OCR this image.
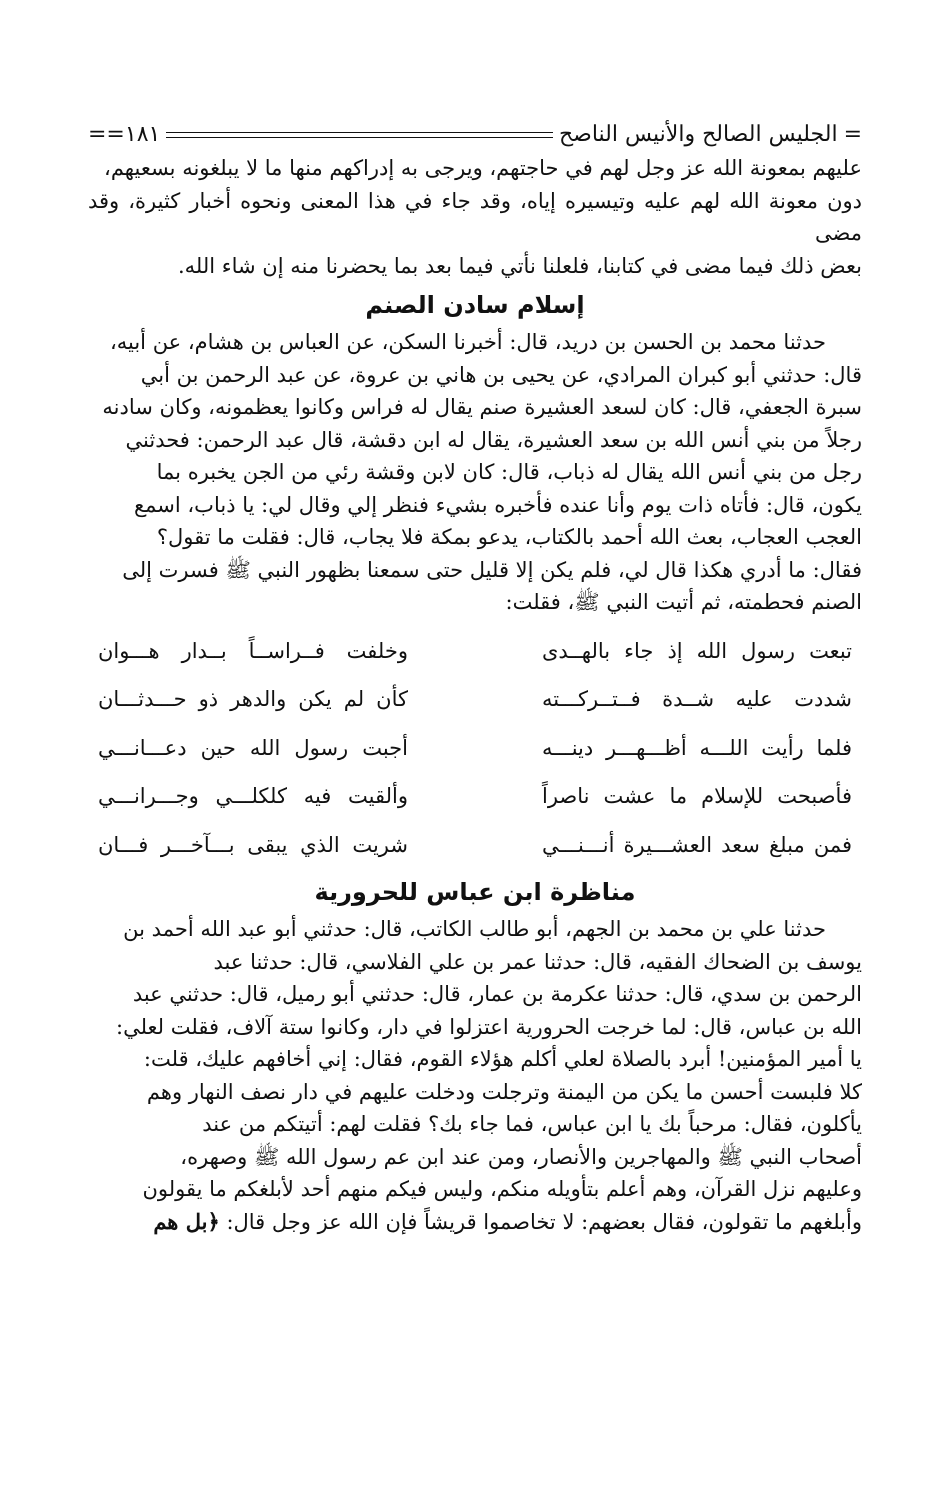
=
الجليس الصالح والأنيس الناصح
١٨١
==

عليهم بمعونة الله عز وجل لهم في حاجتهم، ويرجى به إدراكهم منها ما لا يبلغونه بسعيهم،

دون معونة الله لهم عليه وتيسيره إياه، وقد جاء في هذا المعنى ونحوه أخبار كثيرة، وقد مضى

بعض ذلك فيما مضى في كتابنا، فلعلنا نأتي فيما بعد بما يحضرنا منه إن شاء الله.

إسلام سادن الصنم

حدثنا محمد بن الحسن بن دريد، قال: أخبرنا السكن، عن العباس بن هشام، عن أبيه،

قال: حدثني أبو كبران المرادي، عن يحيى بن هاني بن عروة، عن عبد الرحمن بن أبي

سبرة الجعفي، قال: كان لسعد العشيرة صنم يقال له فراس وكانوا يعظمونه، وكان سادنه

رجلاً من بني أنس الله بن سعد العشيرة، يقال له ابن دقشة، قال عبد الرحمن: فحدثني

رجل من بني أنس الله يقال له ذباب، قال: كان لابن وقشة رئي من الجن يخبره بما

يكون، قال: فأتاه ذات يوم وأنا عنده فأخبره بشيء فنظر إلي وقال لي: يا ذباب، اسمع

العجب العجاب، بعث الله أحمد بالكتاب، يدعو بمكة فلا يجاب، قال: فقلت ما تقول؟

فقال: ما أدري هكذا قال لي، فلم يكن إلا قليل حتى سمعنا بظهور النبي ﷺ فسرت إلى

الصنم فحطمته، ثم أتيت النبي ﷺ، فقلت:

تبعت رسول الله إذ جاء بالهــدى
وخلفت فــراســاً بــدار هـــوان
شددت عليه شــدة فــتــركـــته
كأن لم يكن والدهر ذو حـــدثـــان
فلما رأيت اللـــه أظـــهـــر دينـــه
أجبت رسول الله حين دعـــانـــي
فأصبحت للإسلام ما عشت ناصراً
وألقيت فيه كلكلـــي وجـــرانـــي
فمن مبلغ سعد العشـــيرة أنـــنـــي
شريت الذي يبقى بـــآخـــر فـــان
مناظرة ابن عباس للحرورية

حدثنا علي بن محمد بن الجهم، أبو طالب الكاتب، قال: حدثني أبو عبد الله أحمد بن

يوسف بن الضحاك الفقيه، قال: حدثنا عمر بن علي الفلاسي، قال: حدثنا عبد

الرحمن بن سدي، قال: حدثنا عكرمة بن عمار، قال: حدثني أبو رميل، قال: حدثني عبد

الله بن عباس، قال: لما خرجت الحرورية اعتزلوا في دار، وكانوا ستة آلاف، فقلت لعلي:

يا أمير المؤمنين! أبرد بالصلاة لعلي أكلم هؤلاء القوم، فقال: إني أخافهم عليك، قلت:

كلا فلبست أحسن ما يكن من اليمنة وترجلت ودخلت عليهم في دار نصف النهار وهم

يأكلون، فقال: مرحباً بك يا ابن عباس، فما جاء بك؟ فقلت لهم: أتيتكم من عند

أصحاب النبي ﷺ والمهاجرين والأنصار، ومن عند ابن عم رسول الله ﷺ وصهره،

وعليهم نزل القرآن، وهم أعلم بتأويله منكم، وليس فيكم منهم أحد لأبلغكم ما يقولون

وأبلغهم ما تقولون، فقال بعضهم: لا تخاصموا قريشاً فإن الله عز وجل قال: ﴿بل هم
